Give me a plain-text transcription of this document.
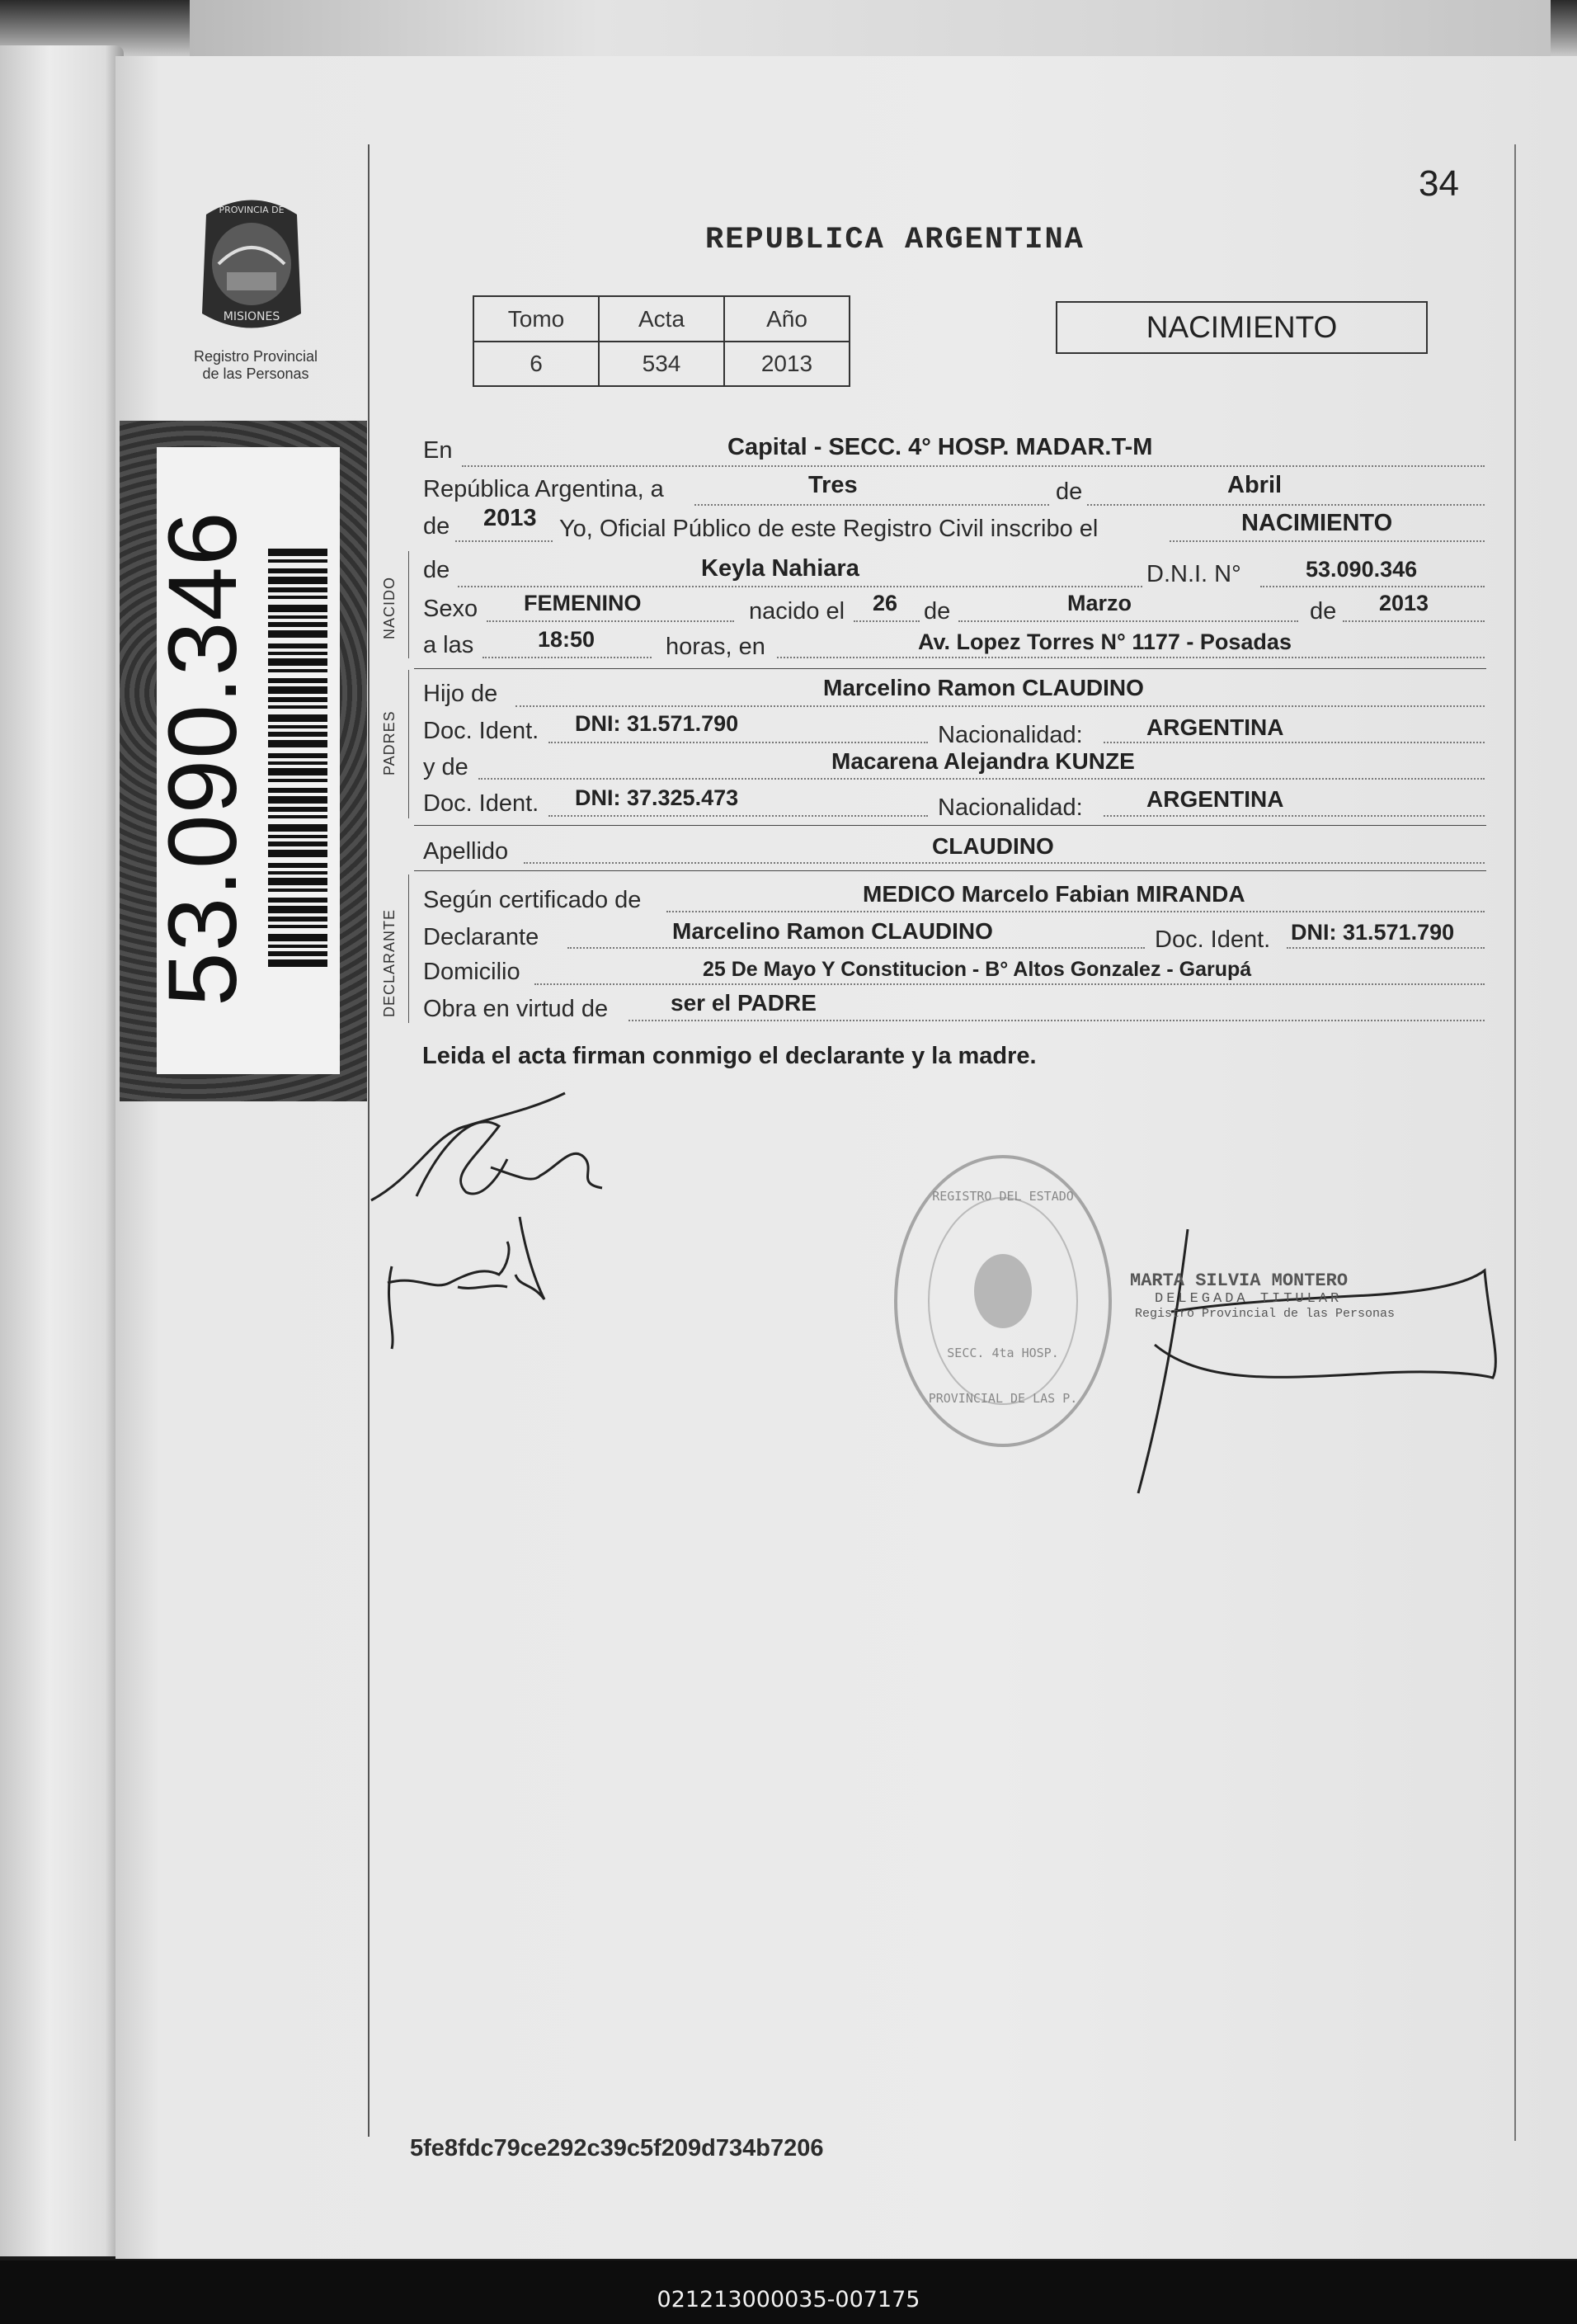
PROVINCIA DE
MISIONES
Registro Provincial
de las Personas
53.090.346
34
REPUBLICA ARGENTINA
Tomo	Acta	Año
6	534	2013
NACIMIENTO
NACIDO
PADRES
DECLARANTE
En	Capital - SECC. 4° HOSP. MADAR.T-M
República Argentina, a	Tres	de	Abril
de 2013 Yo, Oficial Público de este Registro Civil inscribo el	NACIMIENTO
de	Keyla Nahiara	D.N.I. N°	53.090.346
Sexo FEMENINO	nacido el 26 de	Marzo	de 2013
a las	18:50	horas, en	Av. Lopez Torres N° 1177 - Posadas
Hijo de	Marcelino Ramon CLAUDINO
Doc. Ident. DNI: 31.571.790	Nacionalidad:	ARGENTINA
y de	Macarena Alejandra KUNZE
Doc. Ident. DNI: 37.325.473	Nacionalidad:	ARGENTINA
Apellido	CLAUDINO
Según certificado de	MEDICO Marcelo Fabian MIRANDA
Declarante	Marcelino Ramon CLAUDINO	Doc. Ident. DNI: 31.571.790
Domicilio	25 De Mayo Y Constitucion - B° Altos Gonzalez - Garupá
Obra en virtud de	ser el PADRE
Leida el acta firman conmigo el declarante y la madre.
REGISTRO DEL ESTADO
PROVINCIAL DE LAS P.
SECC. 4ta HOSP.
MARTA SILVIA MONTERO
DELEGADA TITULAR
Registro Provincial de las Personas
5fe8fdc79ce292c39c5f209d734b7206
021213000035-007175
